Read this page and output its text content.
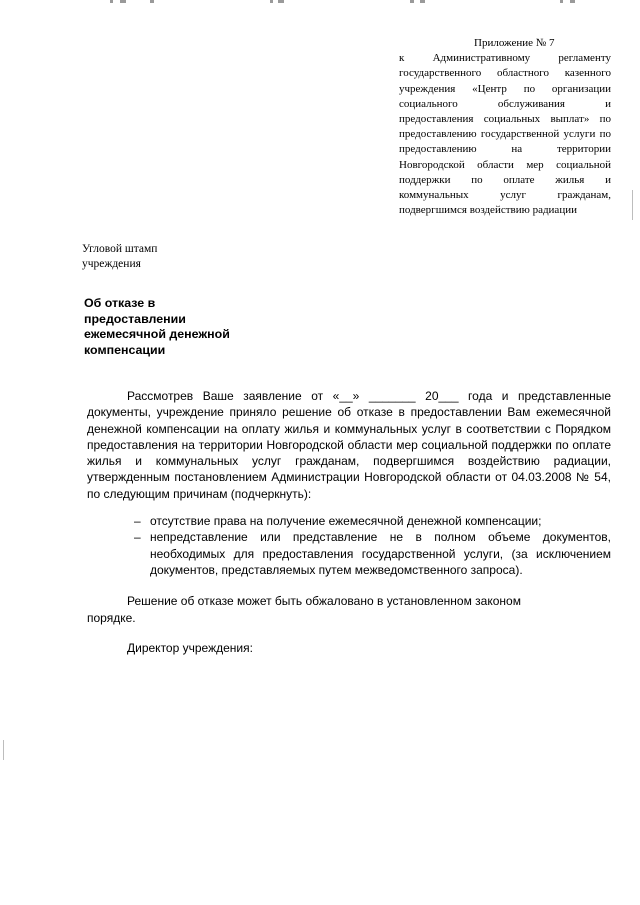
Приложение № 7
к Административному регламенту государственного областного казенного учреждения «Центр по организации социального обслуживания и предоставления социальных выплат» по предоставлению государственной услуги по предоставлению на территории Новгородской области мер социальной поддержки по оплате жилья и коммунальных услуг гражданам, подвергшимся воздействию радиации
Угловой штамп
учреждения
Об отказе в
предоставлении
ежемесячной денежной
компенсации

Рассмотрев Ваше заявление от «__» _______ 20___ года и представленные документы, учреждение приняло решение об отказе в предоставлении Вам ежемесячной денежной компенсации на оплату жилья и коммунальных услуг в соответствии с Порядком предоставления на территории Новгородской области мер социальной поддержки по оплате жилья и коммунальных услуг гражданам, подвергшимся воздействию радиации, утвержденным постановлением Администрации Новгородской области от 04.03.2008 № 54, по следующим причинам (подчеркнуть):

– отсутствие права на получение ежемесячной денежной компенсации;
– непредставление или представление не в полном объеме документов, необходимых для предоставления государственной услуги, (за исключением документов, представляемых путем межведомственного запроса).

Решение об отказе может быть обжаловано в установленном законом порядке.

Директор учреждения:
